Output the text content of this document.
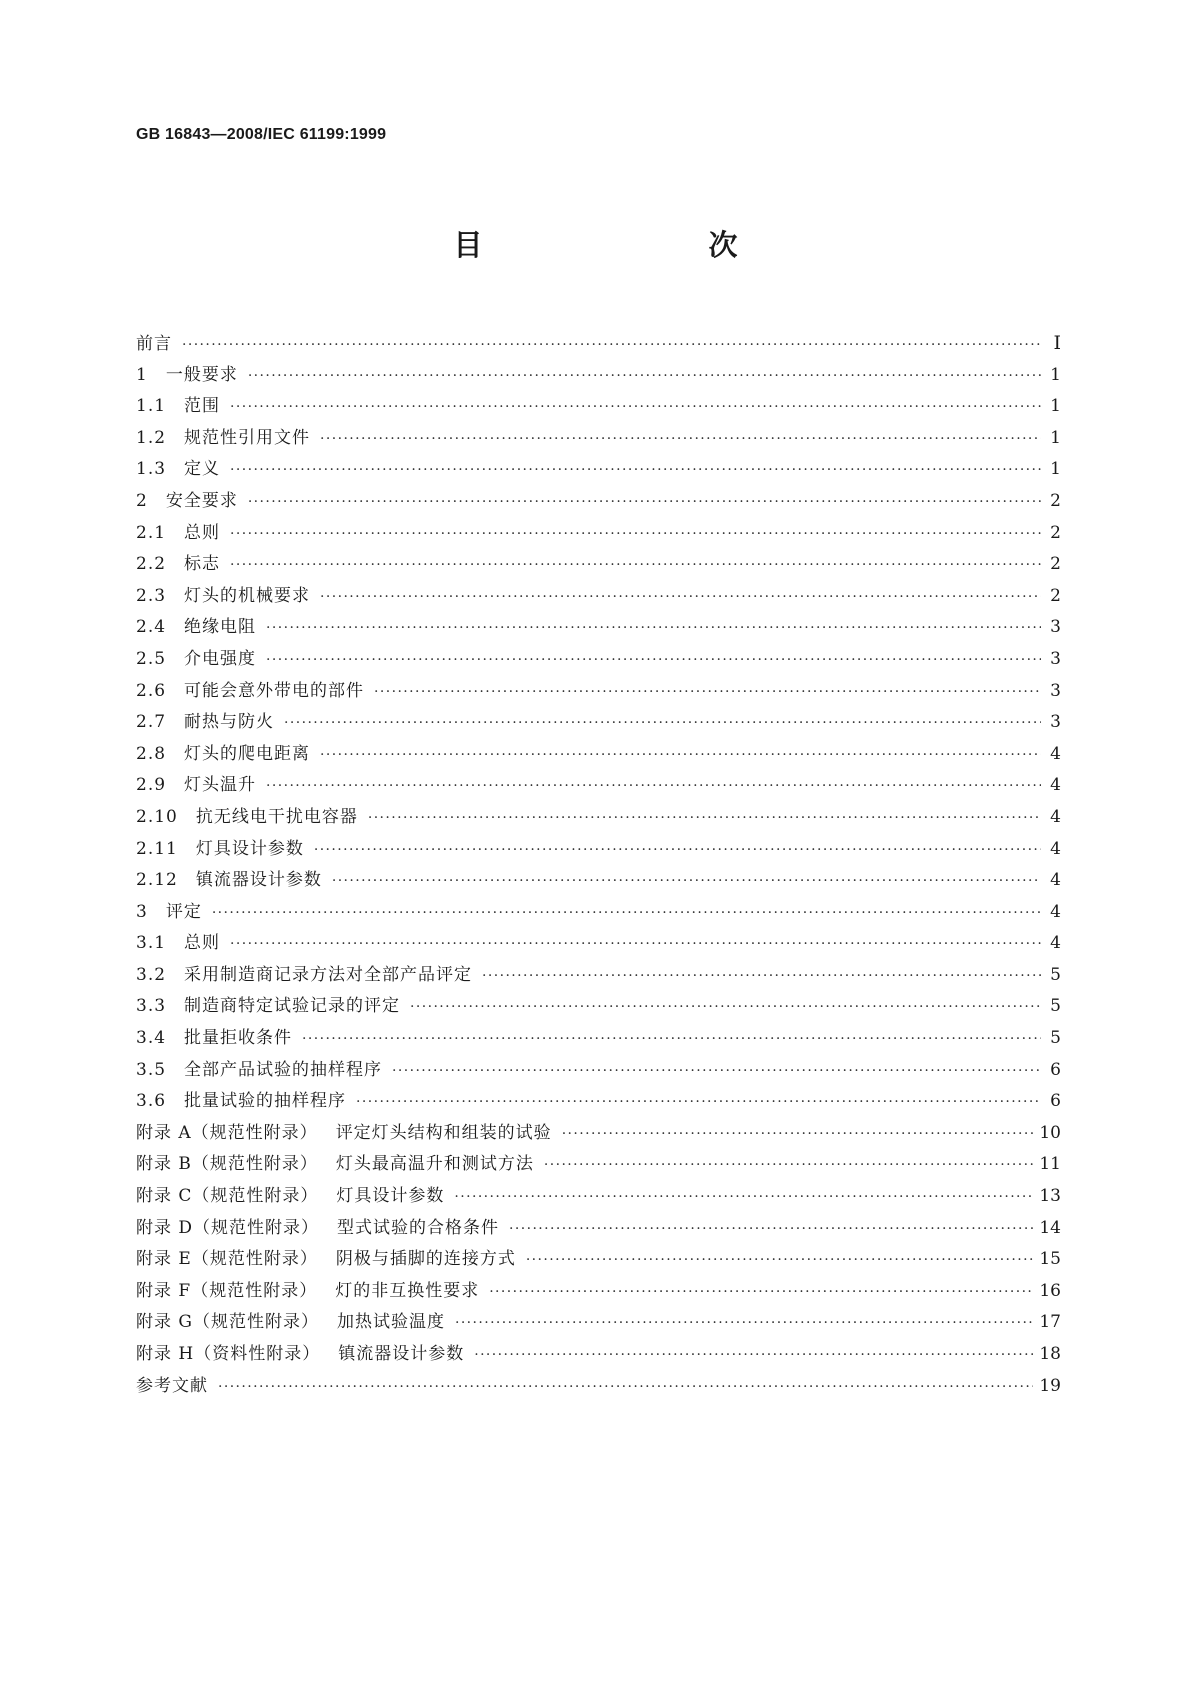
GB 16843—2008/IEC 61199:1999
目　　次
前言 ·····	Ⅰ
1 一般要求 ·····	1
1.1 范围 ·····	1
1.2 规范性引用文件 ·····	1
1.3 定义 ·····	1
2 安全要求 ·····	2
2.1 总则 ·····	2
2.2 标志 ·····	2
2.3 灯头的机械要求 ·····	2
2.4 绝缘电阻 ·····	3
2.5 介电强度 ·····	3
2.6 可能会意外带电的部件 ·····	3
2.7 耐热与防火 ·····	3
2.8 灯头的爬电距离 ·····	4
2.9 灯头温升 ·····	4
2.10 抗无线电干扰电容器 ·····	4
2.11 灯具设计参数 ·····	4
2.12 镇流器设计参数 ·····	4
3 评定 ·····	4
3.1 总则 ·····	4
3.2 采用制造商记录方法对全部产品评定 ·····	5
3.3 制造商特定试验记录的评定 ·····	5
3.4 批量拒收条件 ·····	5
3.5 全部产品试验的抽样程序 ·····	6
3.6 批量试验的抽样程序 ·····	6
附录 A（规范性附录） 评定灯头结构和组装的试验 ·····	10
附录 B（规范性附录） 灯头最高温升和测试方法 ·····	11
附录 C（规范性附录） 灯具设计参数 ·····	13
附录 D（规范性附录） 型式试验的合格条件 ·····	14
附录 E（规范性附录） 阴极与插脚的连接方式 ·····	15
附录 F（规范性附录） 灯的非互换性要求 ·····	16
附录 G（规范性附录） 加热试验温度 ·····	17
附录 H（资料性附录） 镇流器设计参数 ·····	18
参考文献 ·····	19
